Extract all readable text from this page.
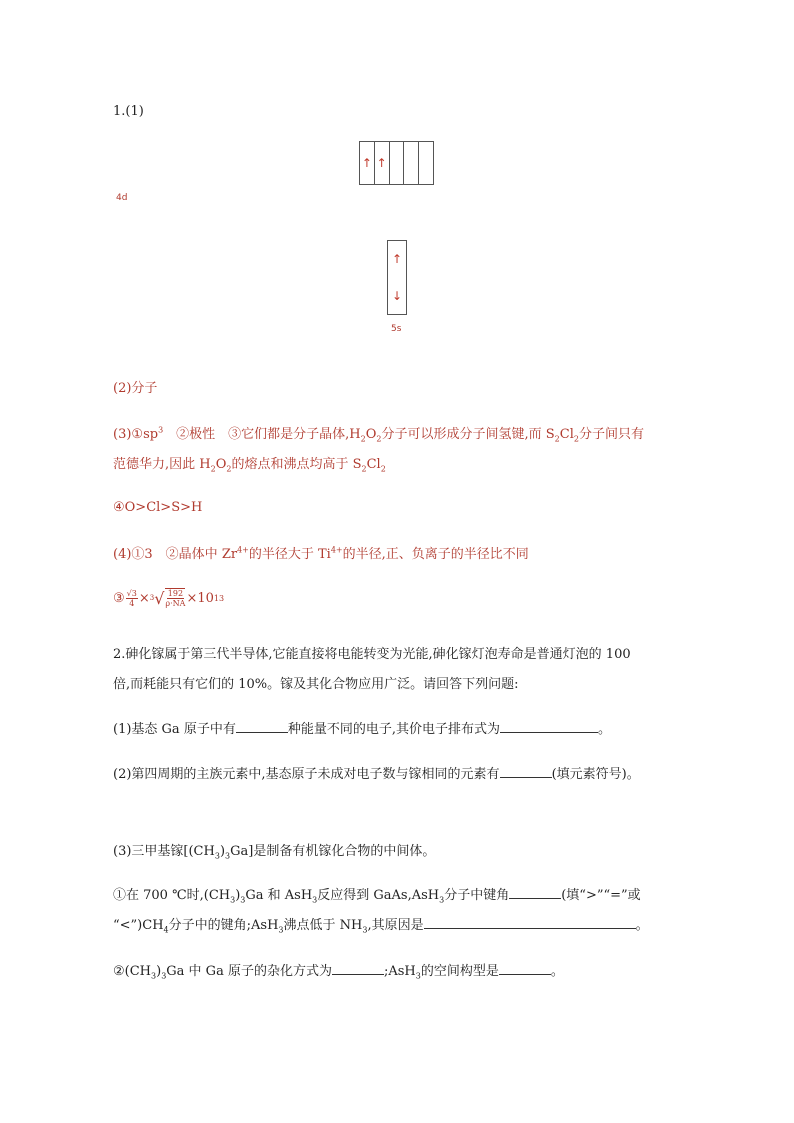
1.(1)
↑ ↑
4d
↑
↓
5s
(2)分子
$(3)①sp^3$　②极性　③它们都是分子晶体$,H_2O_2$分子可以形成分子间氢键,而 $S_2Cl_2$分子间只有
范德华力,因此 $H_2O_2$的熔点和沸点均高于 $S_2Cl_2$
④O>Cl>S>H
(4)①3　②晶体中 $Zr^{4+}$的半径大于 $Ti^{4+}$的半径,正、负离子的半径比不同
③ $\frac{√3}{4} \times 3$ √ $\frac{192}{\rho\cdot NA} \times 10$ 13
2.砷化镓属于第三代半导体,它能直接将电能转变为光能,砷化镓灯泡寿命是普通灯泡的 100
倍,而耗能只有它们的 10%。镓及其化合物应用广泛。请回答下列问题:
(1)基态 Ga 原子中有	种能量不同的电子,其价电子排布式为	。
(2)第四周期的主族元素中,基态原子未成对电子数与镓相同的元素有	(填元素符号)。
(3)三甲基镓$[(CH_3)_3Ga]$是制备有机镓化合物的中间体。
①在 700 ℃时$,(CH_3)_3Ga$ 和 AsH$_3$反应得到 GaAs,AsH$_3$分子中键角	(填“>”“=”或
“$<”)CH_4$分子中的键角;AsH$_3$沸点低于 $NH_3$,其原因是	。
$②(CH_3)_3Ga$ 中 Ga 原子的杂化方式为	;AsH$_3$的空间构型是	。
